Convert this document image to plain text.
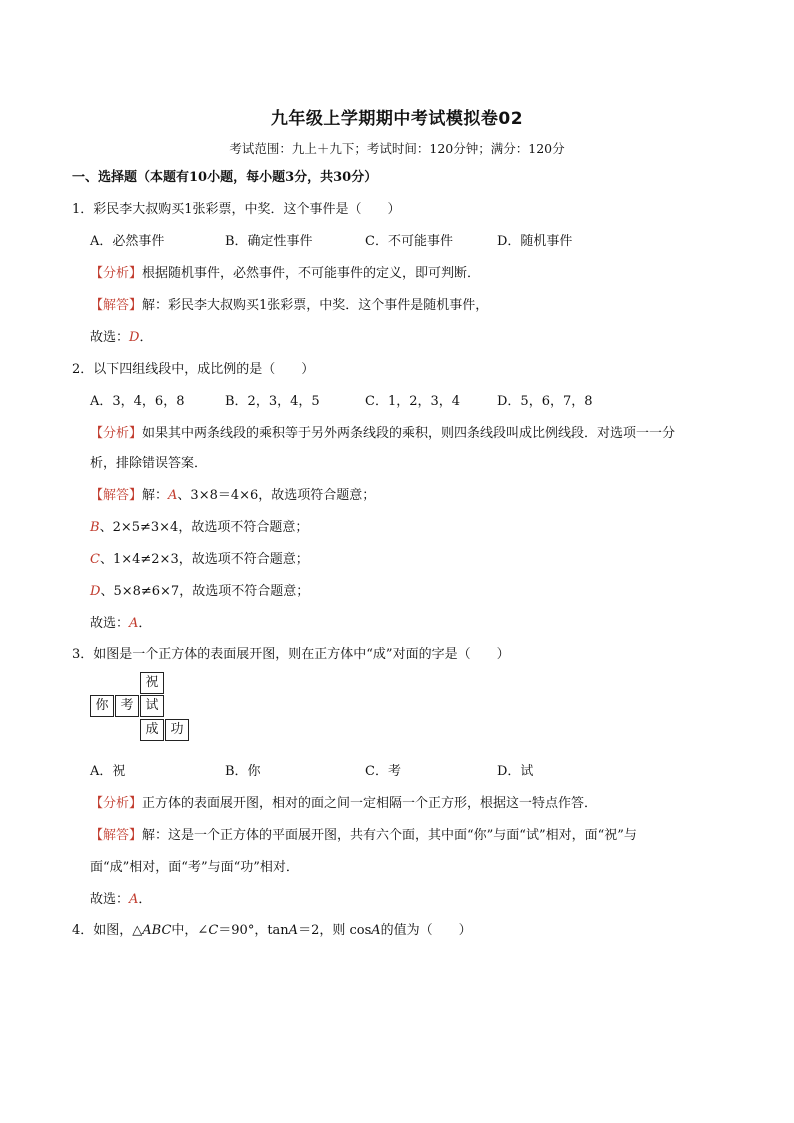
九年级上学期期中考试模拟卷02
考试范围：九上＋九下；考试时间：120分钟；满分：120分
一、选择题（本题有10小题，每小题3分，共30分）
1．彩民李大叔购买1张彩票，中奖．这个事件是（　　）
A．必然事件	B．确定性事件	C．不可能事件	D．随机事件
【分析】根据随机事件，必然事件，不可能事件的定义，即可判断．
【解答】解：彩民李大叔购买1张彩票，中奖．这个事件是随机事件，
故选：D．
2．以下四组线段中，成比例的是（　　）
A．3，4，6，8	B．2，3，4，5	C．1，2，3，4	D．5，6，7，8
【分析】如果其中两条线段的乘积等于另外两条线段的乘积，则四条线段叫成比例线段．对选项一一分
析，排除错误答案．
【解答】解：A、3×8＝4×6，故选项符合题意；
B、2×5≠3×4，故选项不符合题意；
C、1×4≠2×3，故选项不符合题意；
D、5×8≠6×7，故选项不符合题意；
故选：A．
3．如图是一个正方体的表面展开图，则在正方体中“成”对面的字是（　　）
祝
你 考 试
成 功
A．祝	B．你	C．考	D．试
【分析】正方体的表面展开图，相对的面之间一定相隔一个正方形，根据这一特点作答．
【解答】解：这是一个正方体的平面展开图，共有六个面，其中面“你”与面“试”相对，面“祝”与
面“成”相对，面“考”与面“功”相对．
故选：A．
4．如图，△ABC中，∠C＝90°，tanA＝2，则 cosA的值为（　　）
